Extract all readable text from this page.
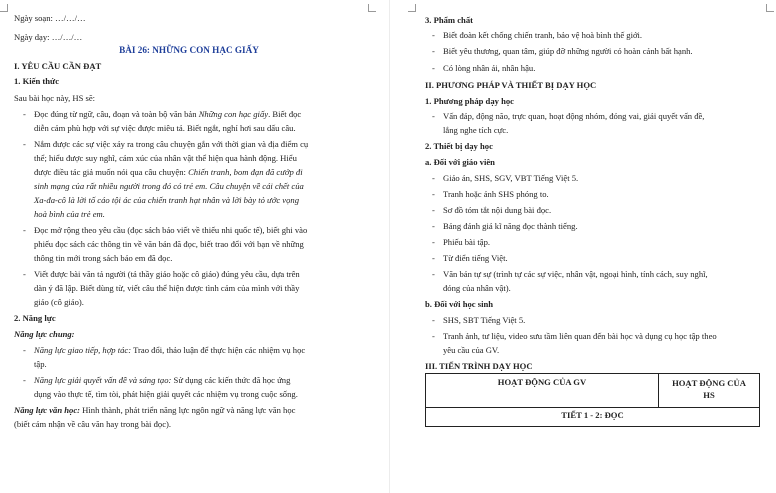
Ngày soạn: …/…/…
Ngày dạy: …/…/…
BÀI 26: NHỮNG CON HẠC GIẤY
I. YÊU CẦU CẦN ĐẠT
1. Kiến thức
Sau bài học này, HS sẽ:
- Đọc đúng từ ngữ, câu, đoạn và toàn bộ văn bản Những con hạc giấy. Biết đọc
diễn cảm phù hợp với sự việc được miêu tả. Biết ngắt, nghỉ hơi sau dấu câu.
- Nắm được các sự việc xảy ra trong câu chuyện gắn với thời gian và địa điểm cụ
thể; hiểu được suy nghĩ, cảm xúc của nhân vật thể hiện qua hành động. Hiểu
được điều tác giả muốn nói qua câu chuyện: Chiến tranh, bom đạn đã cướp đi
sinh mạng của rất nhiều người trong đó có trẻ em. Câu chuyện về cái chết của
Xa-đa-cô là lời tố cáo tội ác của chiến tranh hạt nhân và lời bày tỏ ước vọng
hoà bình của trẻ em.
- Đọc mở rộng theo yêu cầu (đọc sách báo viết về thiếu nhi quốc tế), biết ghi vào
phiếu đọc sách các thông tin về văn bản đã đọc, biết trao đổi với bạn về những
thông tin mới trong sách báo em đã đọc.
- Viết được bài văn tả người (tả thầy giáo hoặc cô giáo) đúng yêu cầu, dựa trên
dàn ý đã lập. Biết dùng từ, viết câu thể hiện được tình cảm của mình với thầy
giáo (cô giáo).
2. Năng lực
Năng lực chung:
- Năng lực giao tiếp, hợp tác: Trao đổi, thảo luận để thực hiện các nhiệm vụ học
tập.
- Năng lực giải quyết vấn đề và sáng tạo: Sử dụng các kiến thức đã học ứng
dụng vào thực tế, tìm tòi, phát hiện giải quyết các nhiệm vụ trong cuộc sống.
Năng lực văn học: Hình thành, phát triển năng lực ngôn ngữ và năng lực văn học
(biết cảm nhận về câu văn hay trong bài đọc).
3. Phẩm chất
- Biết đoàn kết chống chiến tranh, bảo vệ hoà bình thế giới.
- Biết yêu thương, quan tâm, giúp đỡ những người có hoàn cảnh bất hạnh.
- Có lòng nhân ái, nhân hậu.
II. PHƯƠNG PHÁP VÀ THIẾT BỊ DẠY HỌC
1. Phương pháp dạy học
- Vấn đáp, động não, trực quan, hoạt động nhóm, đóng vai, giải quyết vấn đề,
lắng nghe tích cực.
2. Thiết bị dạy học
a. Đối với giáo viên
- Giáo án, SHS, SGV, VBT Tiếng Việt 5.
- Tranh hoặc ảnh SHS phóng to.
- Sơ đồ tóm tắt nội dung bài đọc.
- Bảng đánh giá kĩ năng đọc thành tiếng.
- Phiếu bài tập.
- Từ điển tiếng Việt.
- Văn bản tự sự (trình tự các sự việc, nhân vật, ngoại hình, tính cách, suy nghĩ,
đóng của nhân vật).
b. Đối với học sinh
- SHS, SBT Tiếng Việt 5.
- Tranh ảnh, tư liệu, video sưu tầm liên quan đến bài học và dụng cụ học tập theo
yêu cầu của GV.
III. TIẾN TRÌNH DẠY HỌC
HOẠT ĐỘNG CỦA GV	HOẠT ĐỘNG CỦA
HS
TIẾT 1 - 2: ĐỌC
